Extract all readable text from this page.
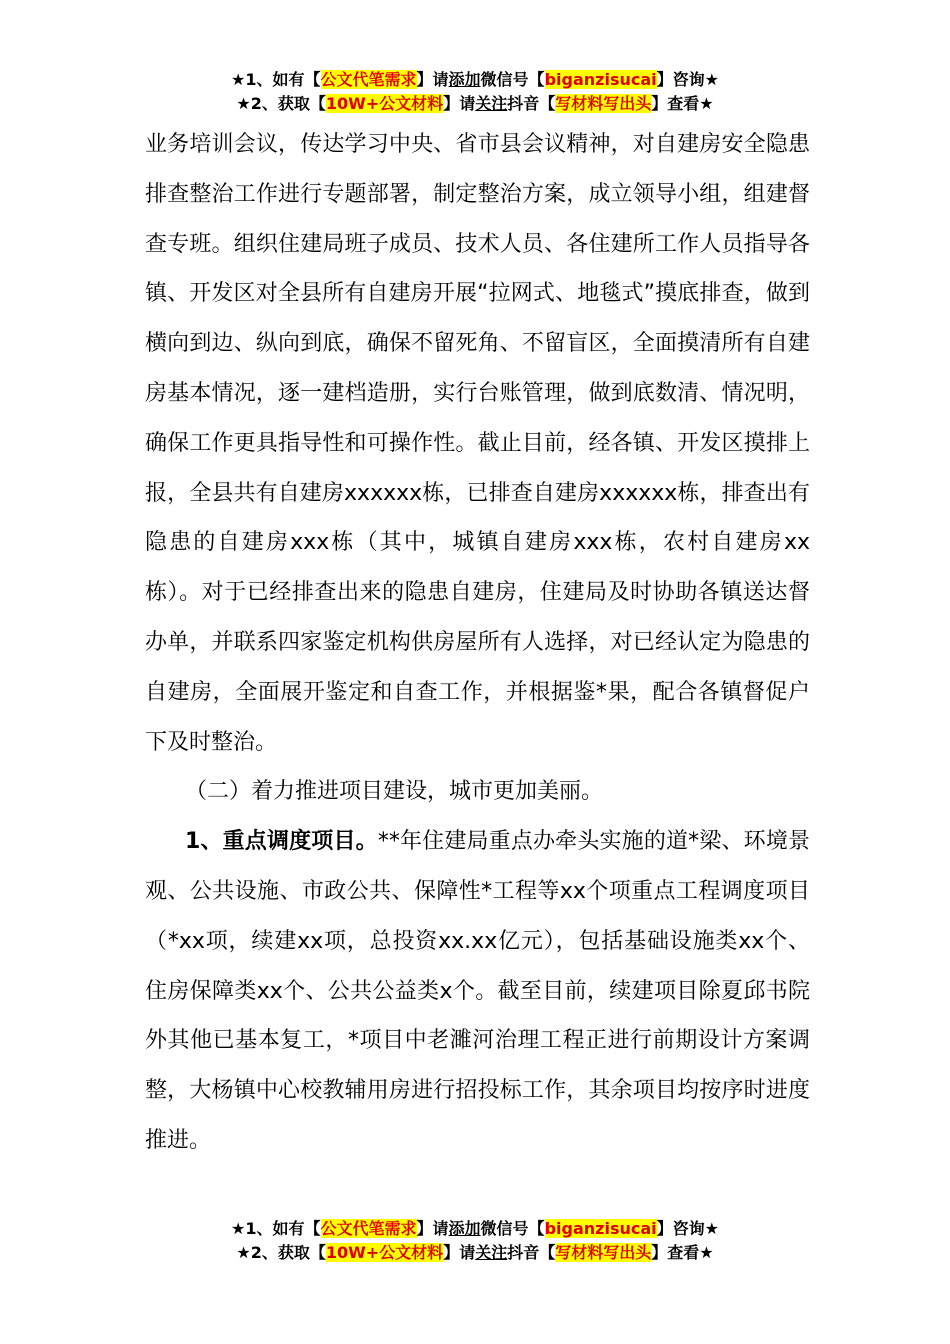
★1、如有【公文代笔需求】请添加微信号【biganzisucai】咨询★
★2、获取【10W+公文材料】请关注抖音【写材料写出头】查看★

业务培训会议，传达学习中央、省市县会议精神，对自建房安全隐患排查整治工作进行专题部署，制定整治方案，成立领导小组，组建督查专班。组织住建局班子成员、技术人员、各住建所工作人员指导各镇、开发区对全县所有自建房开展“拉网式、地毯式”摸底排查，做到横向到边、纵向到底，确保不留死角、不留盲区，全面摸清所有自建房基本情况，逐一建档造册，实行台账管理，做到底数清、情况明，确保工作更具指导性和可操作性。截止目前，经各镇、开发区摸排上报，全县共有自建房xxxxxx栋，已排查自建房xxxxxx栋，排查出有隐患的自建房xxx栋（其中，城镇自建房xxx栋，农村自建房xx栋）。对于已经排查出来的隐患自建房，住建局及时协助各镇送达督办单，并联系四家鉴定机构供房屋所有人选择，对已经认定为隐患的自建房，全面展开鉴定和自查工作，并根据鉴*果，配合各镇督促户下及时整治。

（二）着力推进项目建设，城市更加美丽。

1、重点调度项目。**年住建局重点办牵头实施的道*梁、环境景观、公共设施、市政公共、保障性*工程等xx个项重点工程调度项目（*xx项，续建xx项，总投资xx.xx亿元），包括基础设施类xx个、住房保障类xx个、公共公益类x个。截至目前，续建项目除夏邱书院外其他已基本复工，*项目中老濉河治理工程正进行前期设计方案调整，大杨镇中心校教辅用房进行招投标工作，其余项目均按序时进度推进。

★1、如有【公文代笔需求】请添加微信号【biganzisucai】咨询★
★2、获取【10W+公文材料】请关注抖音【写材料写出头】查看★
